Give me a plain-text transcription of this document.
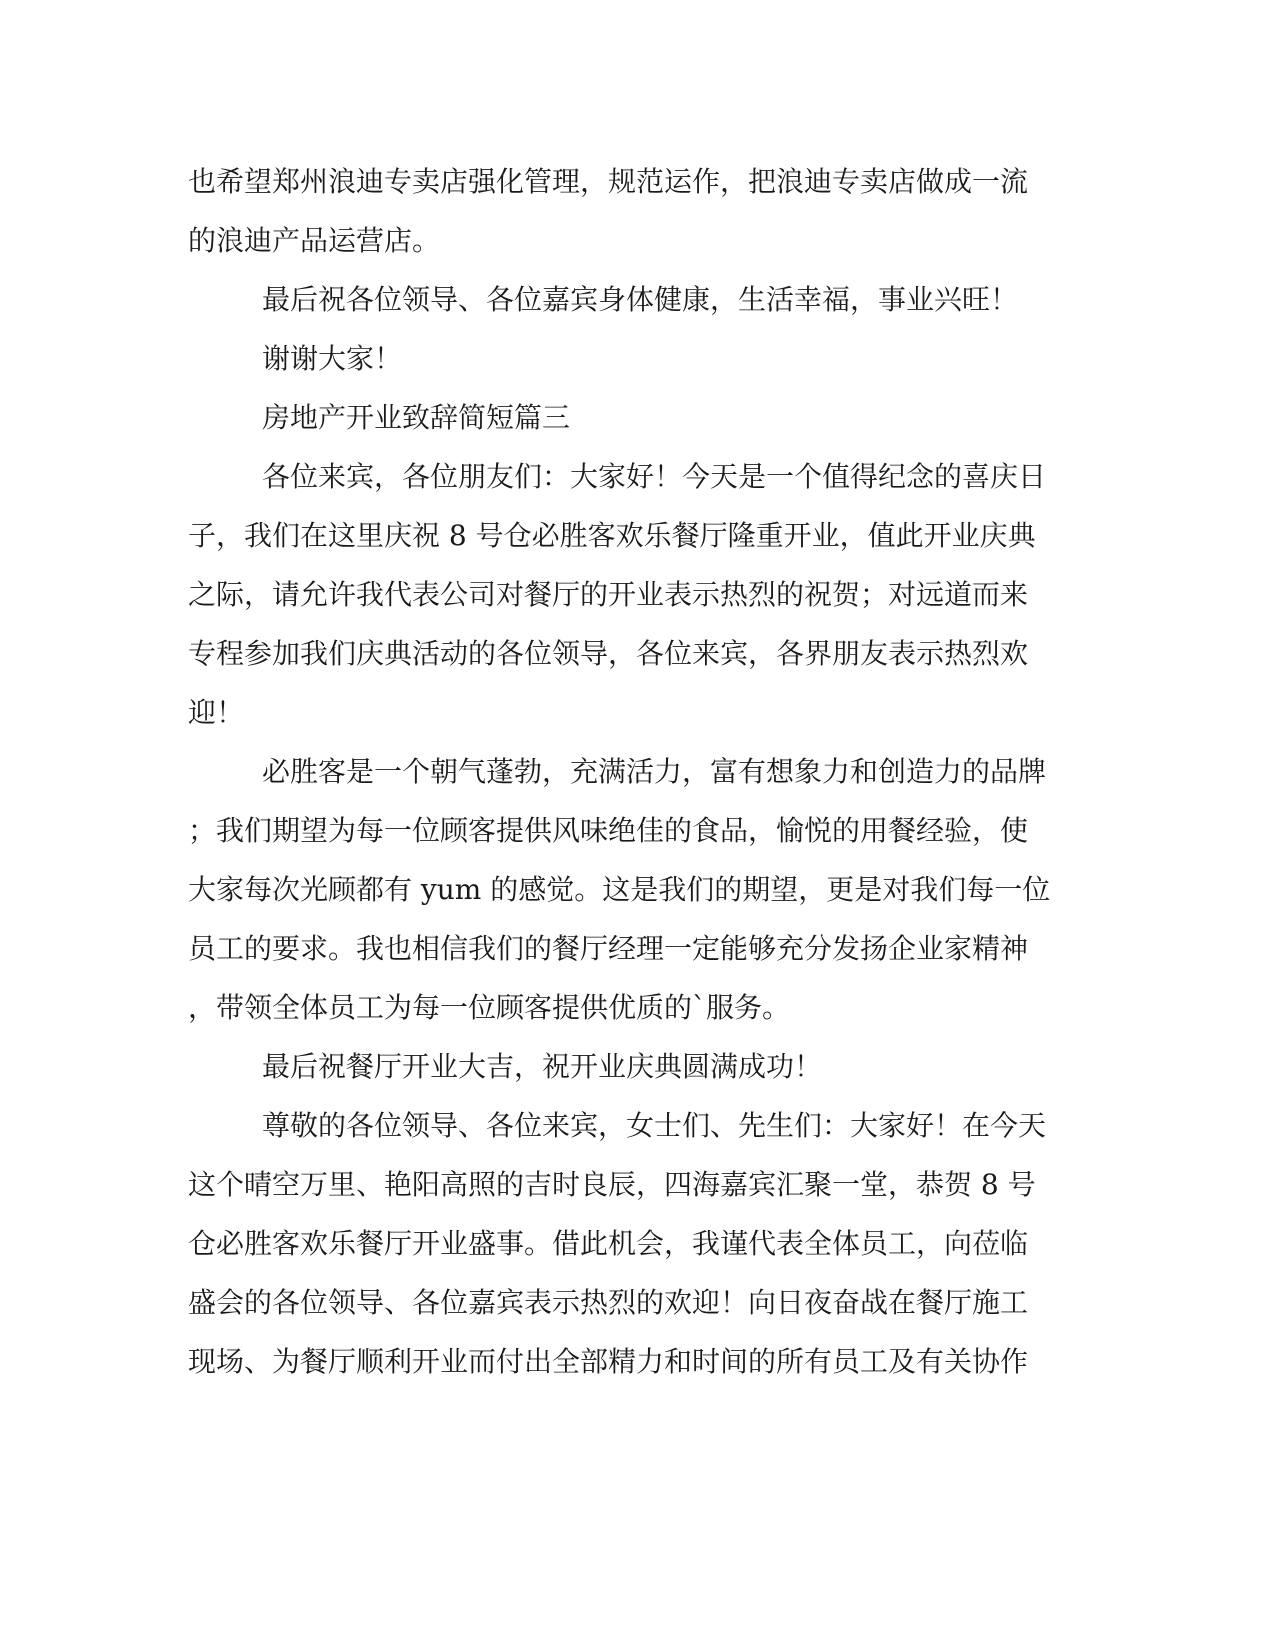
也希望郑州浪迪专卖店强化管理，规范运作，把浪迪专卖店做成一流
的浪迪产品运营店。
最后祝各位领导、各位嘉宾身体健康，生活幸福，事业兴旺！
谢谢大家！
房地产开业致辞简短篇三
各位来宾，各位朋友们：大家好！今天是一个值得纪念的喜庆日
子，我们在这里庆祝 8 号仓必胜客欢乐餐厅隆重开业，值此开业庆典
之际，请允许我代表公司对餐厅的开业表示热烈的祝贺；对远道而来
专程参加我们庆典活动的各位领导，各位来宾，各界朋友表示热烈欢
迎！
必胜客是一个朝气蓬勃，充满活力，富有想象力和创造力的品牌
；我们期望为每一位顾客提供风味绝佳的食品，愉悦的用餐经验，使
大家每次光顾都有 yum 的感觉。这是我们的期望，更是对我们每一位
员工的要求。我也相信我们的餐厅经理一定能够充分发扬企业家精神
，带领全体员工为每一位顾客提供优质的`服务。
最后祝餐厅开业大吉，祝开业庆典圆满成功！
尊敬的各位领导、各位来宾，女士们、先生们：大家好！在今天
这个晴空万里、艳阳高照的吉时良辰，四海嘉宾汇聚一堂，恭贺 8 号
仓必胜客欢乐餐厅开业盛事。借此机会，我谨代表全体员工，向莅临
盛会的各位领导、各位嘉宾表示热烈的欢迎！向日夜奋战在餐厅施工
现场、为餐厅顺利开业而付出全部精力和时间的所有员工及有关协作
